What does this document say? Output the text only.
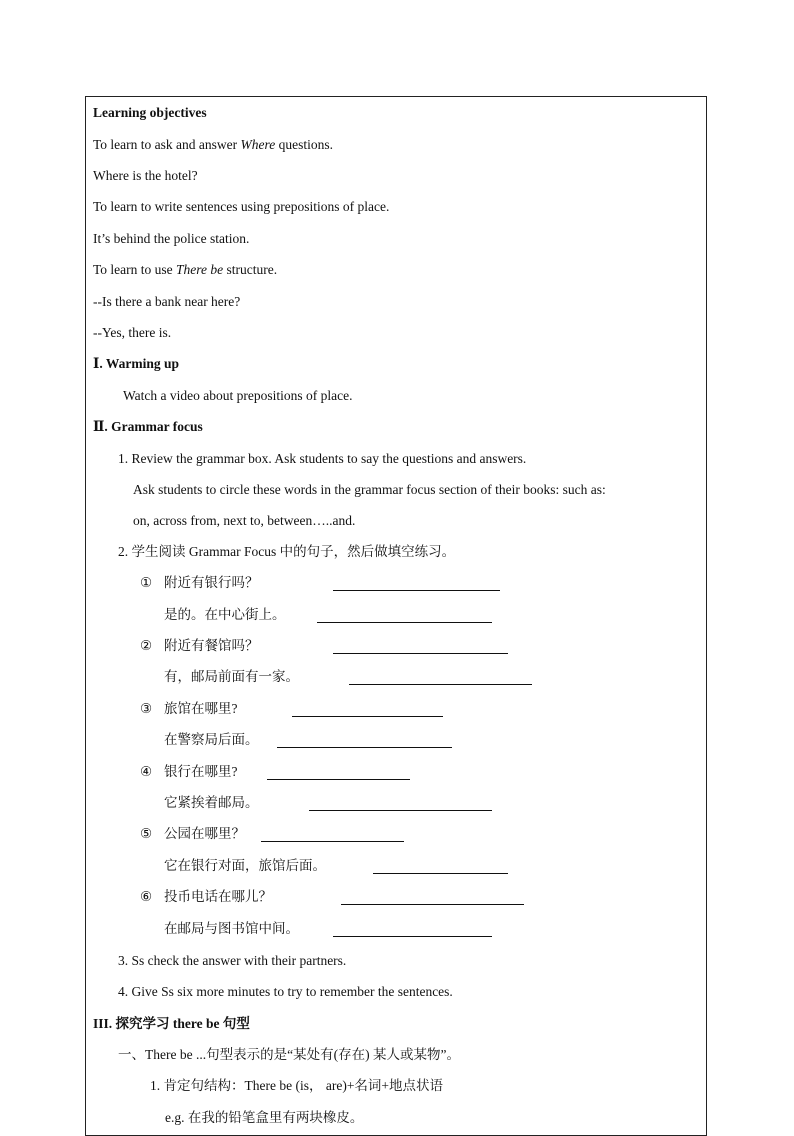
Learning objectives
To learn to ask and answer Where questions.
Where is the hotel?
To learn to write sentences using prepositions of place.
It’s behind the police station.
To learn to use There be structure.
--Is there a bank near here?
--Yes, there is.
Ⅰ. Warming up
Watch a video about prepositions of place.
Ⅱ. Grammar focus
1. Review the grammar box. Ask students to say the questions and answers.
Ask students to circle these words in the grammar focus section of their books: such as:
on, across from, next to, between…..and.
2. 学生阅读 Grammar Focus 中的句子，然后做填空练习。
① 附近有银行吗？
是的。在中心街上。
② 附近有餐馆吗？
有，邮局前面有一家。
③ 旅馆在哪里?
在警察局后面。
④ 银行在哪里?
它紧挨着邮局。
⑤ 公园在哪里？
它在银行对面，旅馆后面。
⑥ 投币电话在哪儿？
在邮局与图书馆中间。
3. Ss check the answer with their partners.
4. Give Ss six more minutes to try to remember the sentences.
III. 探究学习 there be 句型
一、There be ...句型表示的是“某处有(存在) 某人或某物”。
1. 肯定句结构：There be (is， are)+名词+地点状语
e.g. 在我的铅笔盒里有两块橡皮。
